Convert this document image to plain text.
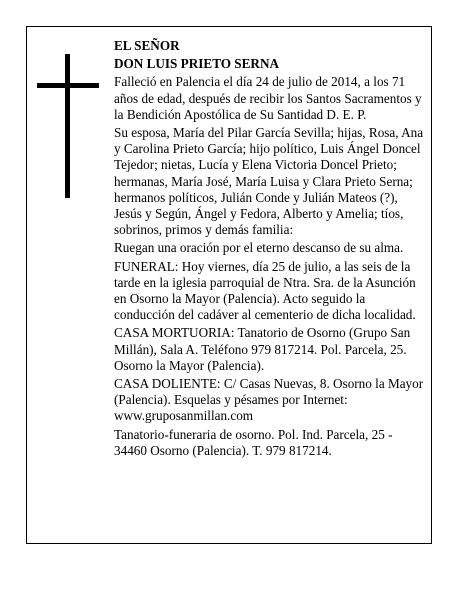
EL SEÑOR

DON LUIS PRIETO SERNA

Falleció en Palencia el día 24 de julio de 2014, a los 71 años de edad, después de recibir los Santos Sacramentos y la Bendición Apostólica de Su Santidad D. E. P.

Su esposa, María del Pilar García Sevilla; hijas, Rosa, Ana y Carolina Prieto García; hijo político, Luis Ángel Doncel Tejedor; nietas, Lucía y Elena Victoria Doncel Prieto; hermanas, María José, María Luisa y Clara Prieto Serna; hermanos políticos, Julián Conde y Julián Mateos (?), Jesús y Según, Ángel y Fedora, Alberto y Amelia; tíos, sobrinos, primos y demás familia:

Ruegan una oración por el eterno descanso de su alma.

FUNERAL: Hoy viernes, día 25 de julio, a las seis de la tarde en la iglesia parroquial de Ntra. Sra. de la Asunción en Osorno la Mayor (Palencia). Acto seguido la conducción del cadáver al cementerio de dicha localidad.

CASA MORTUORIA: Tanatorio de Osorno (Grupo San Millán), Sala A. Teléfono 979 817214. Pol. Parcela, 25. Osorno la Mayor (Palencia).

CASA DOLIENTE: C/ Casas Nuevas, 8. Osorno la Mayor (Palencia). Esquelas y pésames por Internet: www.gruposanmillan.com

Tanatorio-funeraria de osorno. Pol. Ind. Parcela, 25 - 34460 Osorno (Palencia). T. 979 817214.
